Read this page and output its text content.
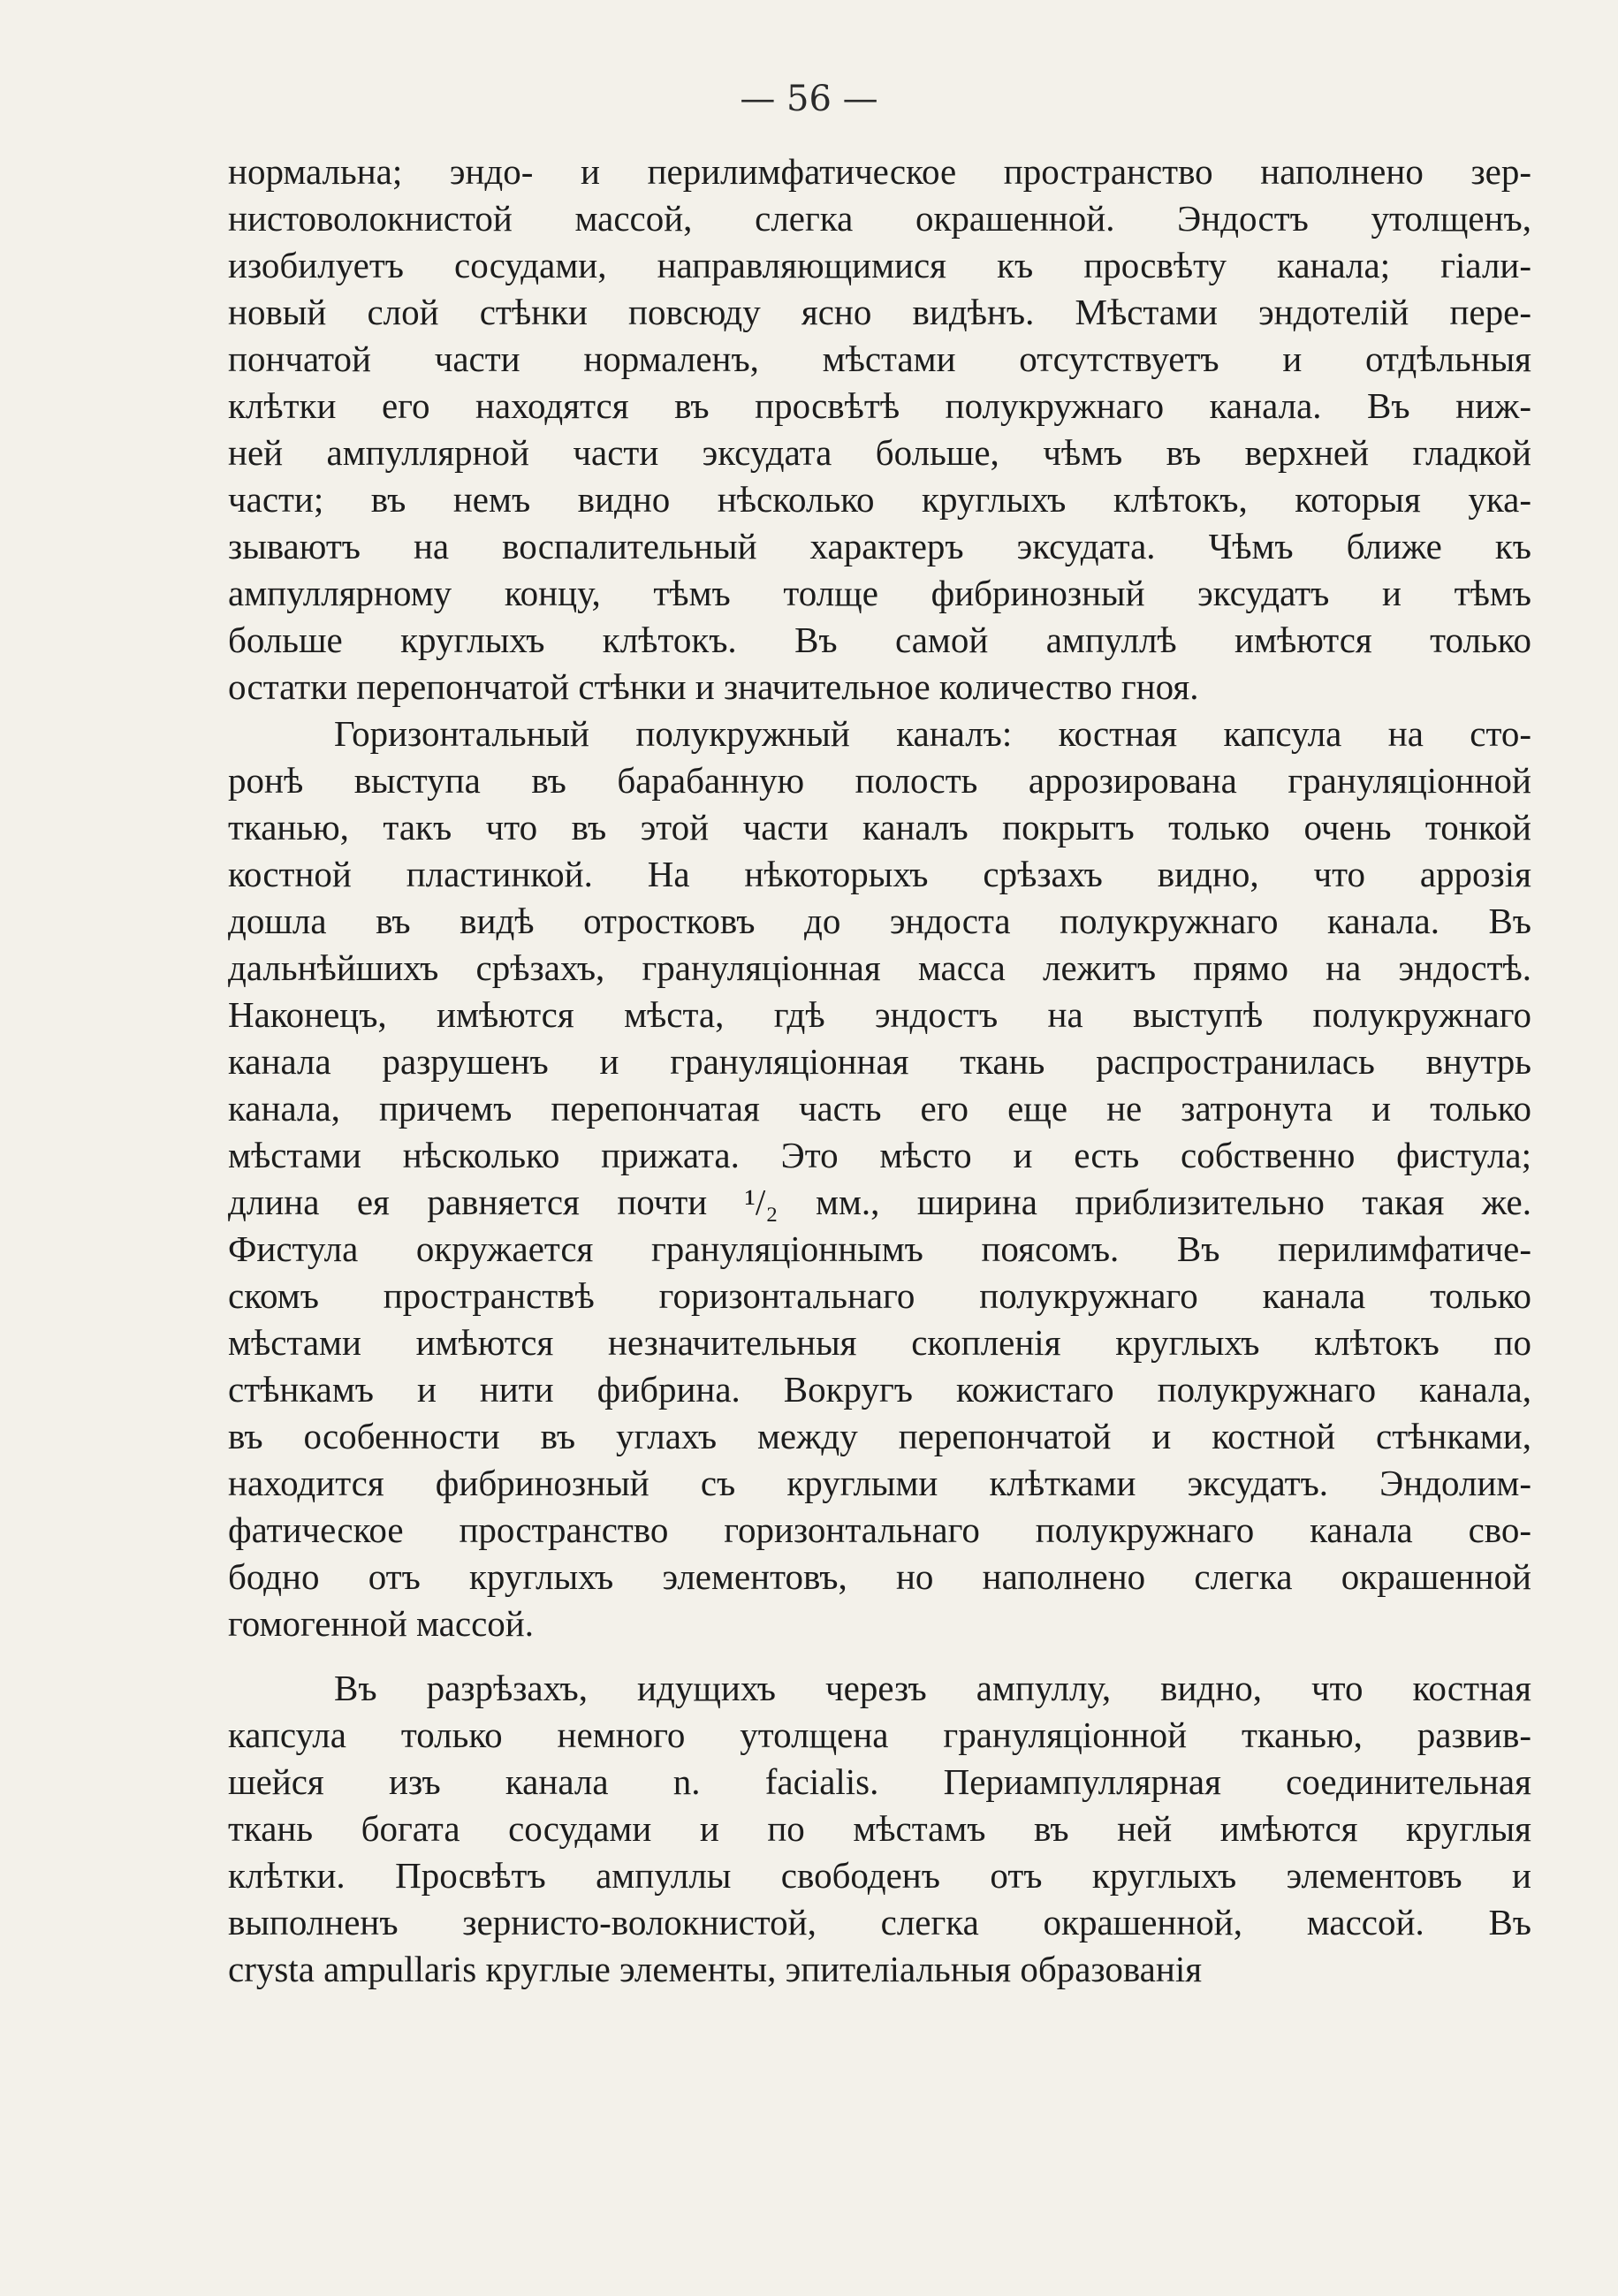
— 56 —
нормальна; эндо- и перилимфатическое пространство наполнено зер-
нистоволокнистой массой, слегка окрашенной. Эндостъ утолщенъ,
изобилуетъ сосудами, направляющимися къ просвѣту канала; гіали-
новый слой стѣнки повсюду ясно видѣнъ. Мѣстами эндотелій пере-
пончатой части нормаленъ, мѣстами отсутствуетъ и отдѣльныя
клѣтки его находятся въ просвѣтѣ полукружнаго канала. Въ ниж-
ней ампуллярной части эксудата больше, чѣмъ въ верхней гладкой
части; въ немъ видно нѣсколько круглыхъ клѣтокъ, которыя ука-
зываютъ на воспалительный характеръ эксудата. Чѣмъ ближе къ
ампуллярному концу, тѣмъ толще фибринозный эксудатъ и тѣмъ
больше круглыхъ клѣтокъ. Въ самой ампуллѣ имѣются только
остатки перепончатой стѣнки и значительное количество гноя.
Горизонтальный полукружный каналъ: костная капсула на сто-
ронѣ выступа въ барабанную полость аррозирована грануляціонной
тканью, такъ что въ этой части каналъ покрытъ только очень тонкой
костной пластинкой. На нѣкоторыхъ срѣзахъ видно, что аррозія
дошла въ видѣ отростковъ до эндоста полукружнаго канала. Въ
дальнѣйшихъ срѣзахъ, грануляціонная масса лежитъ прямо на эндостѣ.
Наконецъ, имѣются мѣста, гдѣ эндостъ на выступѣ полукружнаго
канала разрушенъ и грануляціонная ткань распространилась внутрь
канала, причемъ перепончатая часть его еще не затронута и только
мѣстами нѣсколько прижата. Это мѣсто и есть собственно фистула;
длина ея равняется почти ¹/₂ мм., ширина приблизительно такая же.
Фистула окружается грануляціоннымъ поясомъ. Въ перилимфатиче-
скомъ пространствѣ горизонтальнаго полукружнаго канала только
мѣстами имѣются незначительныя скопленія круглыхъ клѣтокъ по
стѣнкамъ и нити фибрина. Вокругъ кожистаго полукружнаго канала,
въ особенности въ углахъ между перепончатой и костной стѣнками,
находится фибринозный съ круглыми клѣтками эксудатъ. Эндолим-
фатическое пространство горизонтальнаго полукружнаго канала сво-
бодно отъ круглыхъ элементовъ, но наполнено слегка окрашенной
гомогенной массой.
Въ разрѣзахъ, идущихъ черезъ ампуллу, видно, что костная
капсула только немного утолщена грануляціонной тканью, развив-
шейся изъ канала n. facialis. Периампуллярная соединительная
ткань богата сосудами и по мѣстамъ въ ней имѣются круглыя
клѣтки. Просвѣтъ ампуллы свободенъ отъ круглыхъ элементовъ и
выполненъ зернисто-волокнистой, слегка окрашенной, массой. Въ
crysta ampullaris круглые элементы, эпителіальныя образованія
